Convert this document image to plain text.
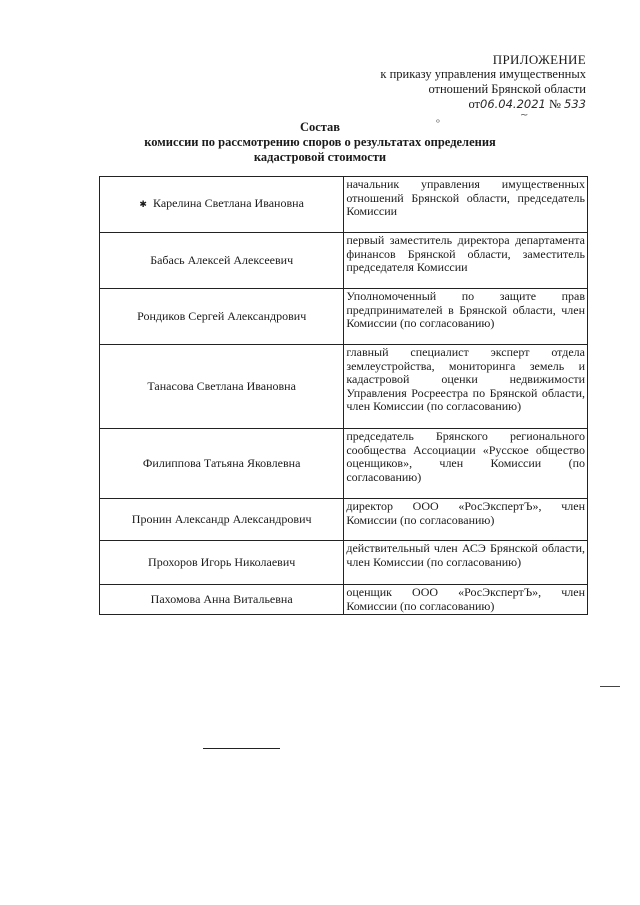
ПРИЛОЖЕНИЕ
к приказу управления имущественных
отношений Брянской области
от06.04.2021 № 533
~
ᵒ
Состав
комиссии по рассмотрению споров о результатах определения
кадастровой стоимости
✱ Карелина Светлана Ивановна	начальник управления имущественных отношений Брянской области, председатель Комиссии
Бабась Алексей Алексеевич	первый заместитель директора департамента финансов Брянской области, заместитель председателя Комиссии
Рондиков Сергей Александрович	Уполномоченный по защите прав предпринимателей в Брянской области, член Комиссии (по согласованию)
Танасова Светлана Ивановна	главный специалист эксперт отдела землеустройства, мониторинга земель и кадастровой оценки недвижимости Управления Росреестра по Брянской области, член Комиссии (по согласованию)
Филиппова Татьяна Яковлевна	председатель Брянского регионального сообщества Ассоциации «Русское общество оценщиков», член Комиссии (по согласованию)
Пронин Александр Александрович	директор ООО «РосЭкспертЪ», член Комиссии (по согласованию)
Прохоров Игорь Николаевич	действительный член АСЭ Брянской области, член Комиссии (по согласованию)
Пахомова Анна Витальевна	оценщик ООО «РосЭкспертЪ», член Комиссии (по согласованию)
